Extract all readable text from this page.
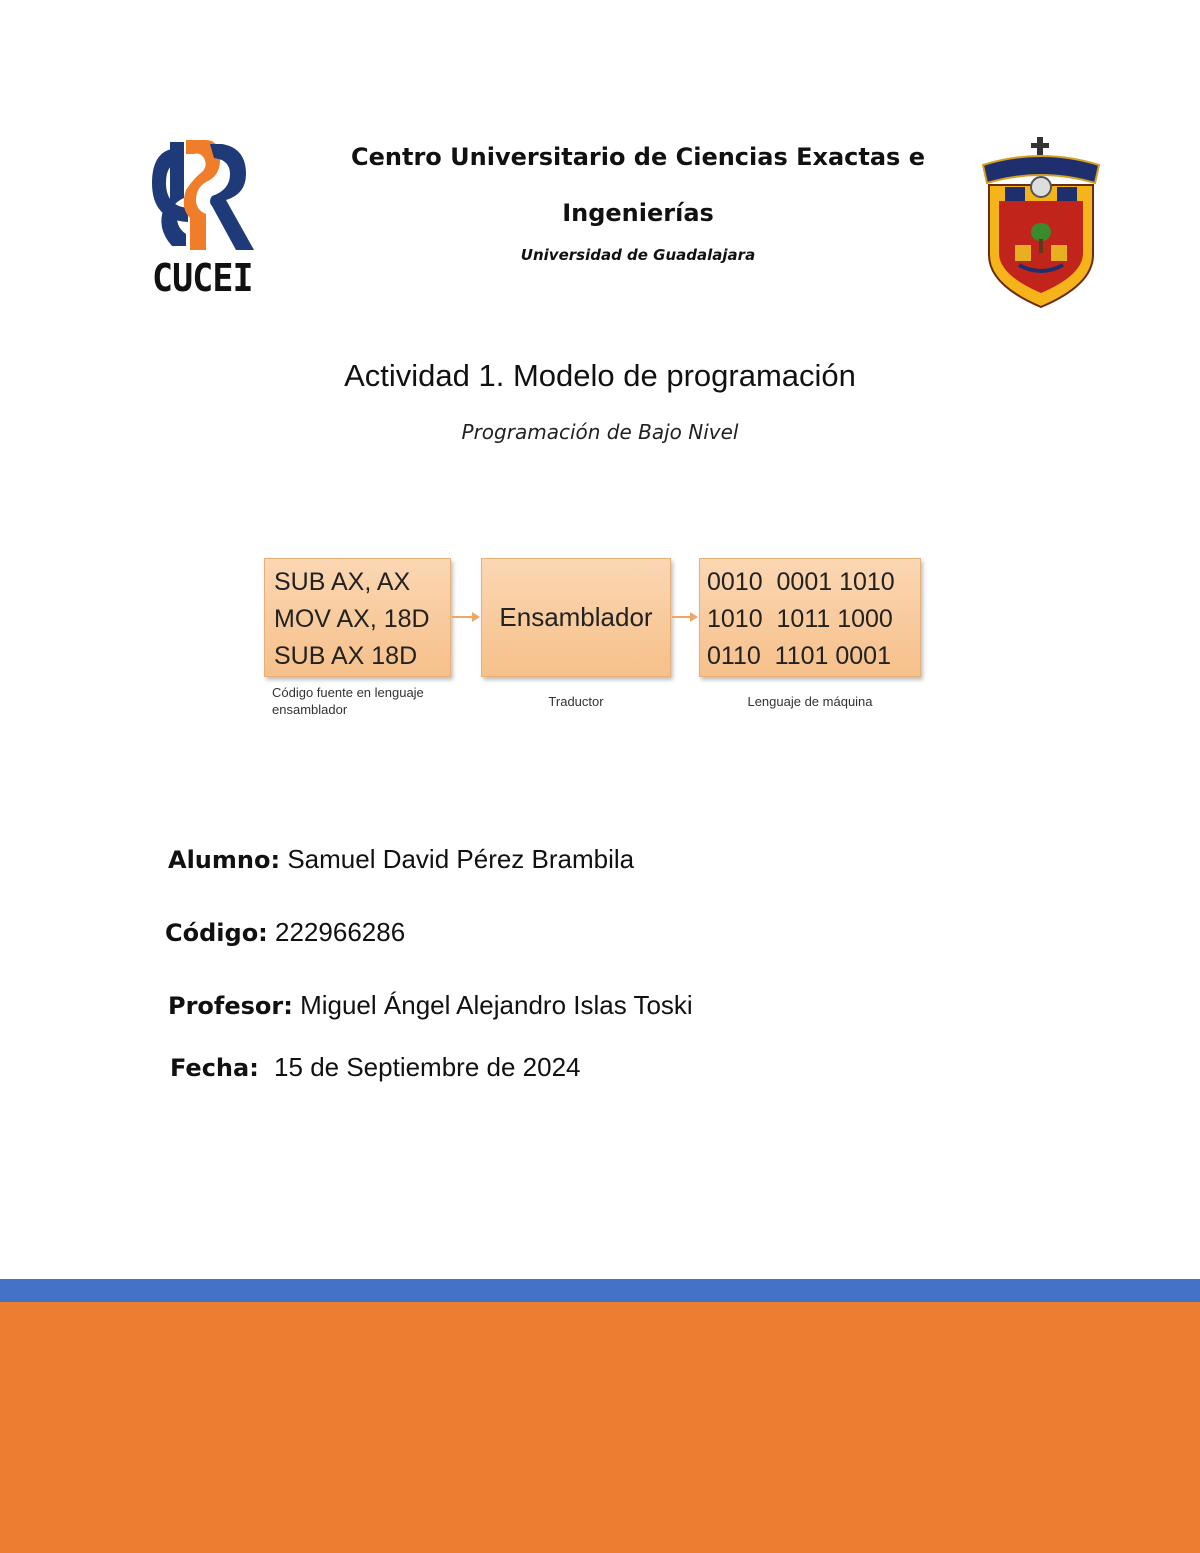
CUCEI
Centro Universitario de Ciencias Exactas e
Ingenierías
Universidad de Guadalajara
Actividad 1. Modelo de programación
Programación de Bajo Nivel
SUB AX, AX
MOV AX, 18D
SUB AX 18D
Ensamblador
0010  0001 1010
1010  1011 1000
0110  1101 0001
Código fuente en lenguaje
ensamblador
Traductor	Lenguaje de máquina
Alumno: Samuel David Pérez Brambila
Código: 222966286
Profesor: Miguel Ángel Alejandro Islas Toski
Fecha: 15 de Septiembre de 2024
